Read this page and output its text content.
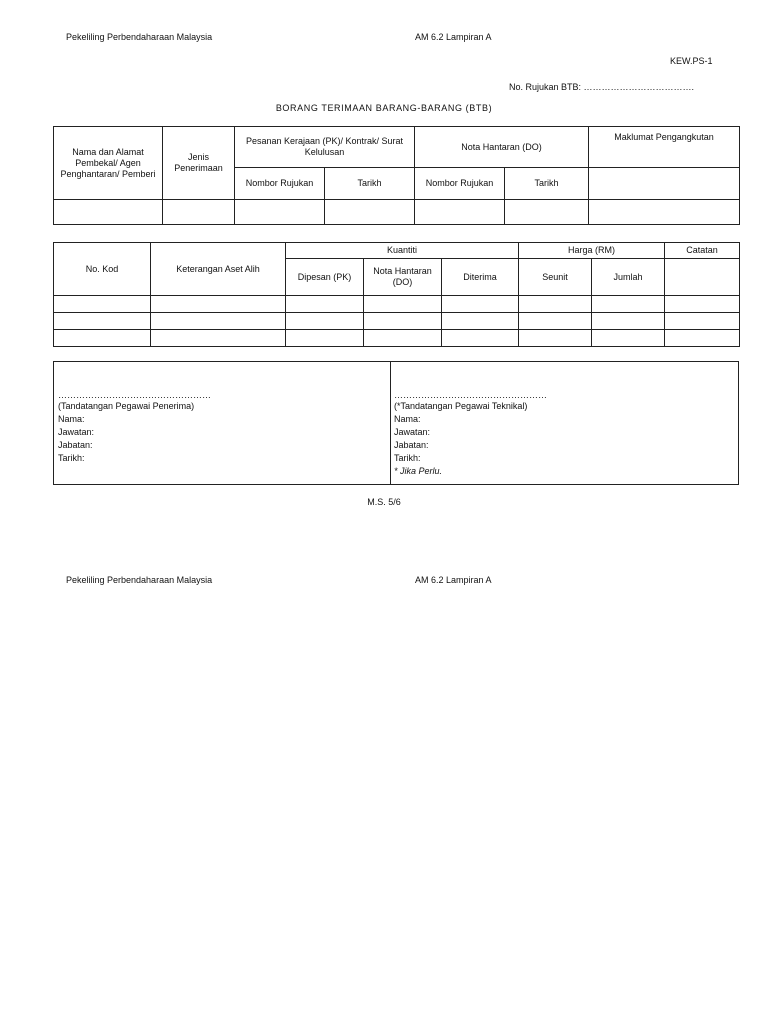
Pekeliling Perbendaharaan Malaysia	AM 6.2 Lampiran A
KEW.PS-1
No. Rujukan BTB: ……………………………….
BORANG TERIMAAN BARANG-BARANG (BTB)
Nama dan Alamat Pembekal/ Agen Penghantaran/ Pemberi	Jenis Penerimaan	Pesanan Kerajaan (PK)/ Kontrak/ Surat Kelulusan		Nota Hantaran (DO)		Maklumat Pengangkutan
		Nombor Rujukan	Tarikh	Nombor Rujukan	Tarikh	

No. Kod	Keterangan Aset Alih	Kuantiti			Harga (RM)		Catatan
		Dipesan (PK)	Nota Hantaran (DO)	Diterima	Seunit	Jumlah	

……………………………………………
(Tandatangan Pegawai Penerima)
Nama:
Jawatan:
Jabatan:
Tarikh:
……………………………………………
(*Tandatangan Pegawai Teknikal)
Nama:
Jawatan:
Jabatan:
Tarikh:
* Jika Perlu.
M.S. 5/6
Pekeliling Perbendaharaan Malaysia	AM 6.2 Lampiran A
